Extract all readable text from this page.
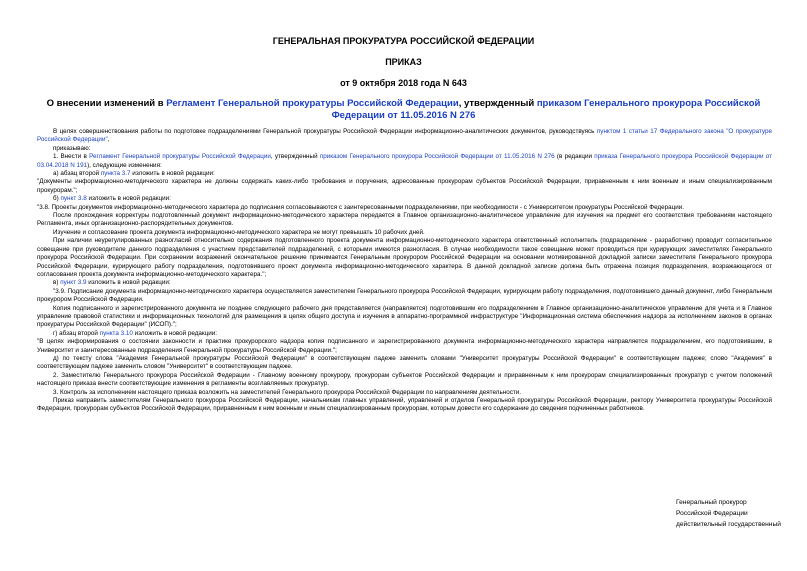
ГЕНЕРАЛЬНАЯ ПРОКУРАТУРА РОССИЙСКОЙ ФЕДЕРАЦИИ
ПРИКАЗ
от 9 октября 2018 года N 643
О внесении изменений в Регламент Генеральной прокуратуры Российской Федерации, утвержденный приказом Генерального прокурора Российской Федерации от 11.05.2016 N 276

В целях совершенствования работы по подготовке подразделениями Генеральной прокуратуры Российской Федерации информационно-аналитических документов, руководствуясь пунктом 1 статьи 17 Федерального закона "О прокуратуре Российской Федерации",

приказываю:

1. Внести в Регламент Генеральной прокуратуры Российской Федерации, утвержденный приказом Генерального прокурора Российской Федерации от 11.05.2016 N 276 (в редакции приказа Генерального прокурора Российской Федерации от 03.04.2018 N 191), следующие изменения:

а) абзац второй пункта 3.7 изложить в новой редакции:

"Документы информационно-методического характера не должны содержать каких-либо требования и поручения, адресованные прокурорам субъектов Российской Федерации, приравненным к ним военным и иным специализированным прокурорам.";

б) пункт 3.8 изложить в новой редакции:

"3.8. Проекты документов информационно-методического характера до подписания согласовываются с заинтересованными подразделениями, при необходимости - с Университетом прокуратуры Российской Федерации.

После прохождения корректуры подготовленный документ информационно-методического характера передается в Главное организационно-аналитическое управление для изучения на предмет его соответствия требованиям настоящего Регламента, иных организационно-распорядительных документов.

Изучение и согласование проекта документа информационно-методического характера не могут превышать 10 рабочих дней.

При наличии неурегулированных разногласий относительно содержания подготовленного проекта документа информационно-методического характера ответственный исполнитель (подразделение - разработчик) проводит согласительное совещание при руководителе данного подразделения с участием представителей подразделений, с которыми имеются разногласия. В случае необходимости такое совещание может проводиться при курирующих заместителях Генерального прокурора Российской Федерации. При сохранении возражений окончательное решение принимается Генеральным прокурором Российской Федерации на основании мотивированной докладной записки заместителя Генерального прокурора Российской Федерации, курирующего работу подразделения, подготовившего проект документа информационно-методического характера. В данной докладной записке должна быть отражена позиция подразделения, возражающегося от согласования проекта документа информационно-методического характера.";

в) пункт 3.9 изложить в новой редакции:

"3.9. Подписание документа информационно-методического характера осуществляется заместителем Генерального прокурора Российской Федерации, курирующим работу подразделения, подготовившего данный документ, либо Генеральным прокурором Российской Федерации.

Копия подписанного и зарегистрированного документа не позднее следующего рабочего дня представляется (направляется) подготовившим его подразделением в Главное организационно-аналитическое управление для учета и в Главное управление правовой статистики и информационных технологий для размещения в целях общего доступа и изучения в аппаратно-программной инфраструктуре "Информационная система обеспечения надзора за исполнением законов в органах прокуратуры Российской Федерации" (ИСОП).";

г) абзац второй пункта 3.10 изложить в новой редакции:

"В целях информирования о состоянии законности и практике прокурорского надзора копия подписанного и зарегистрированного документа информационно-методического характера направляется подразделением, его подготовившим, в Университет и заинтересованные подразделения Генеральной прокуратуры Российской Федерации.";

д) по тексту слова "Академия Генеральной прокуратуры Российской Федерации" в соответствующем падеже заменить словами "Университет прокуратуры Российской Федерации" в соответствующем падеже; слово "Академия" в соответствующем падеже заменить словом "Университет" в соответствующем падеже.

2. Заместителю Генерального прокурора Российской Федерации - Главному военному прокурору, прокурорам субъектов Российской Федерации и приравненным к ним прокурорам специализированных прокуратур с учетом положений настоящего приказа внести соответствующие изменения в регламенты возглавляемых прокуратур.

3. Контроль за исполнением настоящего приказа возложить на заместителей Генерального прокурора Российской Федерации по направлениям деятельности.

Приказ направить заместителям Генерального прокурора Российской Федерации, начальникам главных управлений, управлений и отделов Генеральной прокуратуры Российской Федерации, ректору Университета прокуратуры Российской Федерации, прокурорам субъектов Российской Федерации, приравненным к ним военным и иным специализированным прокурорам, которым довести его содержание до сведения подчиненных работников.

Генеральный прокурор
Российской Федерации
действительный государственный
